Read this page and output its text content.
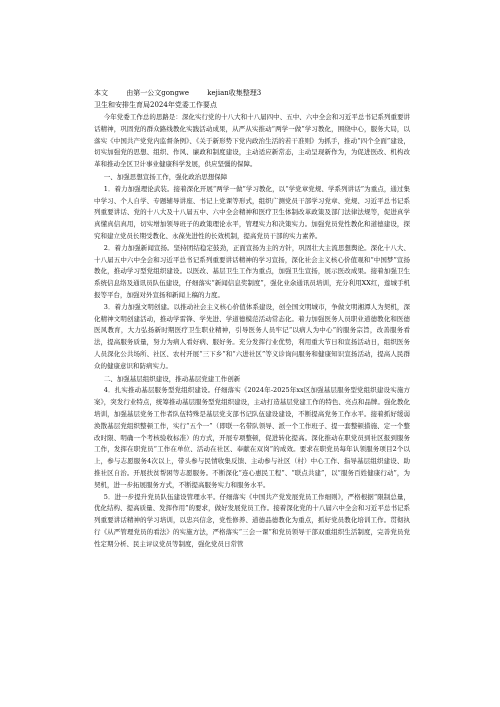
本文	由第一公文gongwe	kejian收集整理3
卫生和安排生育局2024年党委工作要点

今年党委工作总的思路是：深化实行党的十八大和十八届四中、五中、六中全会和习近平总书记系列重要讲话精神，巩固党的群众路线教化实践活动成果，从严从实推动“两学一做”学习教化，围绕中心，服务大局，以落实《中国共产党党内监督条例》、《关于新形势下党内政治生活的若干准则》为抓手，推动“四个全面”建设，切实加强党的思想、组织、作风、廉政和制度建设，主动适应新常态，主动呈现新作为，为促进医改、机构改革和推动全区卫计事业健康科学发展，供应坚彊的保障。

一、加强思想宣扬工作，强化政治思想保障

1．着力加强理论武装。接着深化开展“两学一做”学习教化，以“学党章党规、学系列讲话”为重点，通过集中学习、个人自学、专题辅导讲座、书记上党课等形式，组织广测党员干部学习党章、党规、习近平总书记系列重要讲话、党的十八大及十八届五中、六中全会精神和医疗卫生体制改革政策及部门法律法规等，促进真学真懂真信真用，切实增加领导班子的政策理论水平，管理实力和决策实力。加强党员党性教化和道德建设，探究和建立党员长期受教化、永葆先进性的长效机制，提高党员干部的实力素养。

2．着力加强新闻宣扬。坚持团结稳定鼓劲，正面宣扬为主的方针，巩固壮大主流思想舆论。深化十八大、十八届五中六中全会和习近平总书记系列重要讲话精神的学习宣扬，深化社会主义核心价值观和“中国梦”宣扬教化，推动学习型党组织建设。以医改、基层卫生工作为重点，加强卫生宣扬，展示医改成果。接着加强卫生系统信息络及通讯员队伍建设，仔细落实“新闻信息奖制度”，强化业余通讯员培训，充分利用XX红，莲城手机报等平台，加强对外宣扬和新闻上稿的力度。

3．着力加强文明创建。以推动社会主义核心价值体系建设，创全国文明城市，争做文明湘潭人为契机，深化精神文明创建活动，推动学雷锋、学先进、学道德模范活动常态化。着力加强医务人员职业道德教化和医德医风教育，大力弘扬新时期医疗卫生职业精神，引导医务人员牢记“以病人为中心”的服务宗旨，改善服务看法，提高服务质量，努力为病人看好病、服好务。充分发挥行业优势，利用重大节日和宣扬活动日，组织医务人员深化公共场所、社区、农村开展“三下乡”和“六进社区”等义诊询问服务和健康知识宣扬活动，提高人民群众的健康意识和防病实力。

二、加强基层组织建设，推动基层党建工作创新

4．扎实推动基层服务型党组织建设。仔细落实《2024年-2025年xx区加强基层服务型党组织建设实施方案》，突发行业特点，统筹推动基层服务型党组织建设，主动打造基层党建工作的特色、亮点和品牌。强化教化培训，加强基层党务工作者队伍特殊是基层党支部书记队伍建设建设，不断提高党务工作水平。接着抓好缓弱涣散基层党组织整顿工作，实行“五个一”（即联一名带队领导、派一个工作班子、提一套整顿措施、定一个整改时限、明确一个考核验收标准）的方式，开展专项整顿，促进转化提高。深化推动在职党员到社区报到服务工作，发挥在职党员“工作在单位、活动在社区、奉献在双岗”的成效。要求在职党员每年认领服务项目2个以上，参与志愿服务4次以上，带头参与民情收集反馈、主动参与社区（村）中心工作、指导基层组织建设、助推社区自治。开展扶贫帮困等志愿服务。不断深化“连心惠民工程”、“联点共建”，以“服务百姓健康行动”，为契机，进一步拓展服务方式，不断提高服务实力和服务水平。

5．进一步提升党员队伍建设管理水平。仔细落实《中国共产党发展党员工作细则》，严格根据“限制总量，优化结构、提高质量、发挥作用”的要求，做好发展党员工作。接着深化党的十八届六中全会和习近平总书记系列重要讲话精神的学习培训，以忠兴信念，党性修养、道德品德教化为重点，抓好党员教化培训工作。贯彻执行《从严管理党员的看法》的实施方法，严格落实“三会一课”和党员领导干部双重组织生活制度，完善党员党性定期分析、民主评议党员等制度，强化党员日常管
